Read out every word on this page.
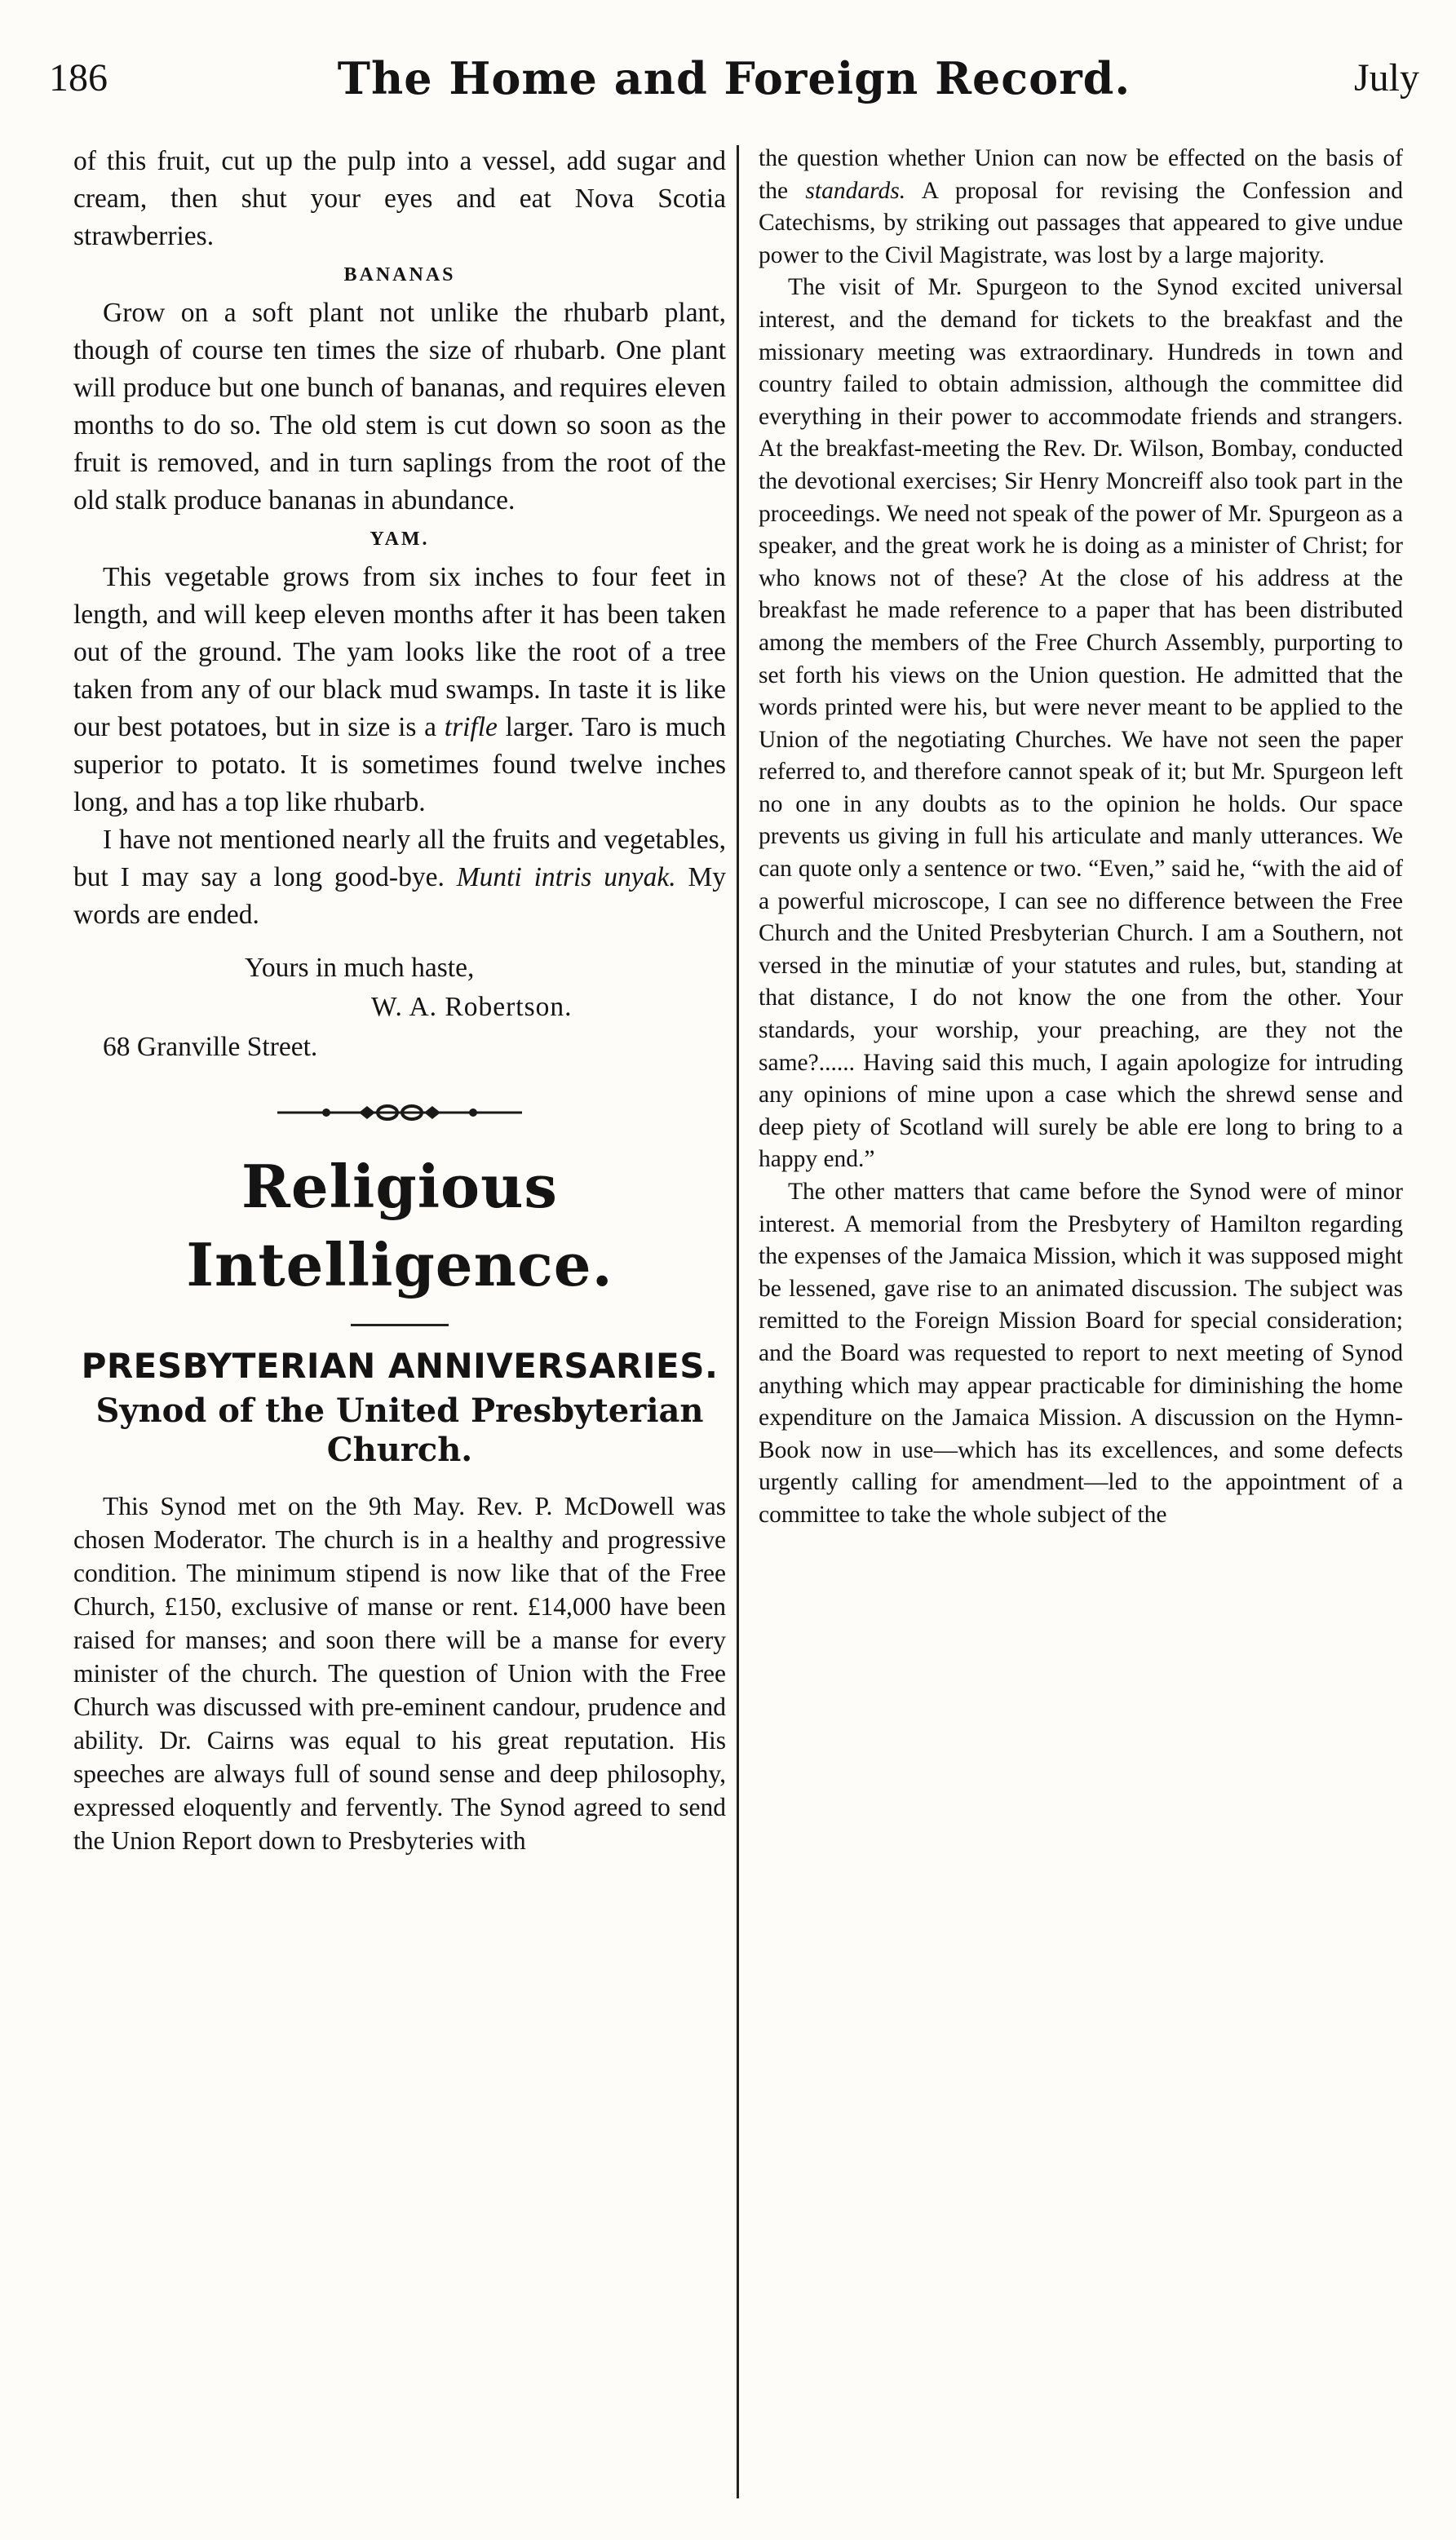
186	The Home and Foreign Record.	July

of this fruit, cut up the pulp into a vessel, add sugar and cream, then shut your eyes and eat Nova Scotia strawberries.

BANANAS

Grow on a soft plant not unlike the rhubarb plant, though of course ten times the size of rhubarb. One plant will produce but one bunch of bananas, and requires eleven months to do so. The old stem is cut down so soon as the fruit is removed, and in turn saplings from the root of the old stalk produce bananas in abundance.

YAM.

This vegetable grows from six inches to four feet in length, and will keep eleven months after it has been taken out of the ground. The yam looks like the root of a tree taken from any of our black mud swamps. In taste it is like our best potatoes, but in size is a trifle larger. Taro is much superior to potato. It is sometimes found twelve inches long, and has a top like rhubarb.

I have not mentioned nearly all the fruits and vegetables, but I may say a long good-bye. Munti intris unyak. My words are ended.

Yours in much haste,

W. A. Robertson.

68 Granville Street.

Religious Intelligence.

PRESBYTERIAN ANNIVERSARIES.

Synod of the United Presbyterian Church.

This Synod met on the 9th May. Rev. P. McDowell was chosen Moderator. The church is in a healthy and progressive condition. The minimum stipend is now like that of the Free Church, £150, exclusive of manse or rent. £14,000 have been raised for manses; and soon there will be a manse for every minister of the church. The question of Union with the Free Church was discussed with pre-eminent candour, prudence and ability. Dr. Cairns was equal to his great reputation. His speeches are always full of sound sense and deep philosophy, expressed eloquently and fervently. The Synod agreed to send the Union Report down to Presbyteries with

the question whether Union can now be effected on the basis of the standards. A proposal for revising the Confession and Catechisms, by striking out passages that appeared to give undue power to the Civil Magistrate, was lost by a large majority.

The visit of Mr. Spurgeon to the Synod excited universal interest, and the demand for tickets to the breakfast and the missionary meeting was extraordinary. Hundreds in town and country failed to obtain admission, although the committee did everything in their power to accommodate friends and strangers. At the breakfast-meeting the Rev. Dr. Wilson, Bombay, conducted the devotional exercises; Sir Henry Moncreiff also took part in the proceedings. We need not speak of the power of Mr. Spurgeon as a speaker, and the great work he is doing as a minister of Christ; for who knows not of these? At the close of his address at the breakfast he made reference to a paper that has been distributed among the members of the Free Church Assembly, purporting to set forth his views on the Union question. He admitted that the words printed were his, but were never meant to be applied to the Union of the negotiating Churches. We have not seen the paper referred to, and therefore cannot speak of it; but Mr. Spurgeon left no one in any doubts as to the opinion he holds. Our space prevents us giving in full his articulate and manly utterances. We can quote only a sentence or two. “Even,” said he, “with the aid of a powerful microscope, I can see no difference between the Free Church and the United Presbyterian Church. I am a Southern, not versed in the minutiæ of your statutes and rules, but, standing at that distance, I do not know the one from the other. Your standards, your worship, your preaching, are they not the same?...... Having said this much, I again apologize for intruding any opinions of mine upon a case which the shrewd sense and deep piety of Scotland will surely be able ere long to bring to a happy end.”

The other matters that came before the Synod were of minor interest. A memorial from the Presbytery of Hamilton regarding the expenses of the Jamaica Mission, which it was supposed might be lessened, gave rise to an animated discussion. The subject was remitted to the Foreign Mission Board for special consideration; and the Board was requested to report to next meeting of Synod anything which may appear practicable for diminishing the home expenditure on the Jamaica Mission. A discussion on the Hymn-Book now in use—which has its excellences, and some defects urgently calling for amendment—led to the appointment of a committee to take the whole subject of the
